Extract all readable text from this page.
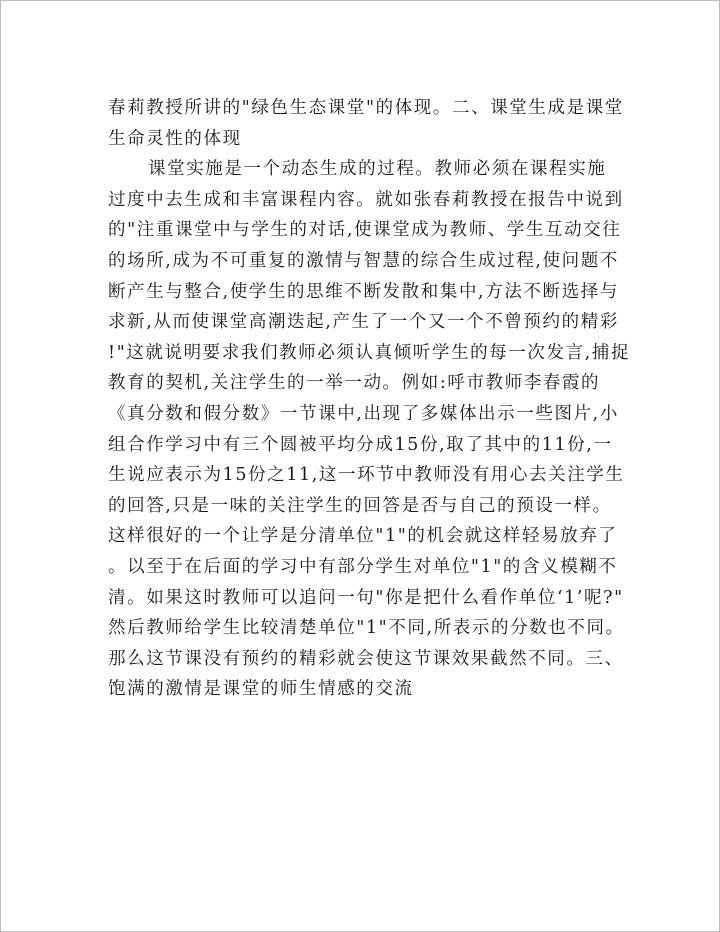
春莉教授所讲的"绿色生态课堂"的体现。二、课堂生成是课堂
生命灵性的体现
课堂实施是一个动态生成的过程。教师必须在课程实施
过度中去生成和丰富课程内容。就如张春莉教授在报告中说到
的"注重课堂中与学生的对话,使课堂成为教师、学生互动交往
的场所,成为不可重复的激情与智慧的综合生成过程,使问题不
断产生与整合,使学生的思维不断发散和集中,方法不断选择与
求新,从而使课堂高潮迭起,产生了一个又一个不曾预约的精彩
!"这就说明要求我们教师必须认真倾听学生的每一次发言,捕捉
教育的契机,关注学生的一举一动。例如:呼市教师李春霞的
《真分数和假分数》一节课中,出现了多媒体出示一些图片,小
组合作学习中有三个圆被平均分成15份,取了其中的11份,一
生说应表示为15份之11,这一环节中教师没有用心去关注学生
的回答,只是一味的关注学生的回答是否与自己的预设一样。
这样很好的一个让学是分清单位"1"的机会就这样轻易放弃了
。以至于在后面的学习中有部分学生对单位"1"的含义模糊不
清。如果这时教师可以追问一句"你是把什么看作单位‘1’呢?"
然后教师给学生比较清楚单位"1"不同,所表示的分数也不同。
那么这节课没有预约的精彩就会使这节课效果截然不同。三、
饱满的激情是课堂的师生情感的交流
